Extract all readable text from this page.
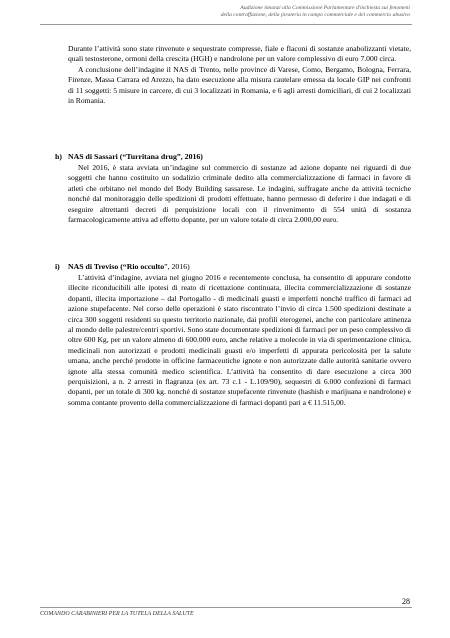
Audizione innanzi alla Commissione Parlamentare d'inchiesta sui fenomeni
della contraffazione, della pirateria in campo commerciale e del commercio abusivo

Durante l’attività sono state rinvenute e sequestrate compresse, fiale e flaconi di sostanze anabolizzanti vietate, quali testosterone, ormoni della crescita (HGH) e nandrolone per un valore complessivo di euro 7.000 circa.

A conclusione dell’indagine il NAS di Trento, nelle province di Varese, Como, Bergamo, Bologna, Ferrara, Firenze, Massa Carrara ed Arezzo, ha dato esecuzione alla misura cautelare emessa da locale GIP nei confronti di 11 soggetti: 5 misure in carcere, di cui 3 localizzati in Romania, e 6 agli arresti domiciliari, di cui 2 localizzati in Romania.

h) NAS di Sassari (“Turritana drug”, 2016)

Nel 2016, è stata avviata un’indagine sul commercio di sostanze ad azione dopante nei riguardi di due soggetti che hanno costituito un sodalizio criminale dedito alla commercializzazione di farmaci in favore di atleti che orbitano nel mondo del Body Building sassarese. Le indagini, suffragate anche da attività tecniche nonché dal monitoraggio delle spedizioni di prodotti effettuate, hanno permesso di deferire i due indagati e di eseguire altrettanti decreti di perquisizione locali con il rinvenimento di 554 unità di sostanza farmacologicamente attiva ad effetto dopante, per un valore totale di circa 2.000,00 euro.

i) NAS di Treviso (“Rio occulto”, 2016)

L’attività d’indagine, avviata nel giugno 2016 e recentemente conclusa, ha consentito di appurare condotte illecite riconducibili alle ipotesi di reato di ricettazione continuata, illecita commercializzazione di sostanze dopanti, illecita importazione – dal Portogallo - di medicinali guasti e imperfetti nonché traffico di farmaci ad azione stupefacente. Nel corso delle operazioni è stato riscontrato l’invio di circa 1.500 spedizioni destinate a circa 300 soggetti residenti su questo territorio nazionale, dai profili eterogenei, anche con particolare attinenza al mondo delle palestre/centri sportivi. Sono state documentate spedizioni di farmaci per un peso complessivo di oltre 600 Kg, per un valore almeno di 600.000 euro, anche relative a molecole in via di sperimentazione clinica, medicinali non autorizzati e prodotti medicinali guasti e/o imperfetti di appurata pericolosità per la salute umana, anche perché prodotte in officine farmaceutiche ignote e non autorizzate dalle autorità sanitarie ovvero ignote alla stessa comunità medico scientifica. L’attività ha consentito di dare esecuzione a circa 300 perquisizioni, a n. 2 arresti in flagranza (ex art. 73 c.1 - L.109/90), sequestri di 6.000 confezioni di farmaci dopanti, per un totale di 300 kg. nonché di sostanze stupefacente rinvenute (hashish e marijuana e nandrolone) e somma contante provento della commercializzazione di farmaci dopanti pari a € 11.515,00.

28
COMANDO CARABINIERI PER LA TUTELA DELLA SALUTE
